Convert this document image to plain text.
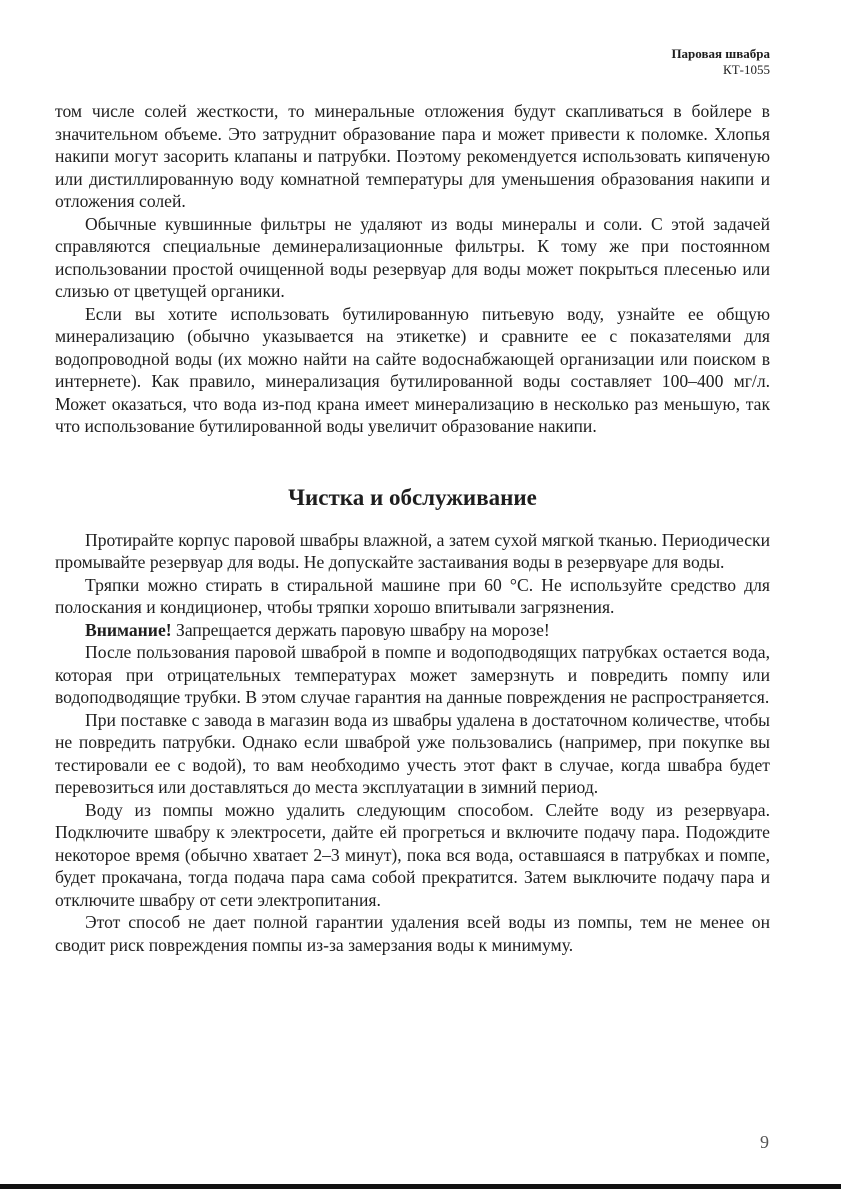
Паровая швабра
КТ-1055

том числе солей жесткости, то минеральные отложения будут скапливаться в бойлере в значительном объеме. Это затруднит образование пара и может привести к поломке. Хлопья накипи могут засорить клапаны и патрубки. Поэтому рекомендуется использовать кипяченую или дистиллированную воду комнатной температуры для уменьшения образования накипи и отложения солей.

Обычные кувшинные фильтры не удаляют из воды минералы и соли. С этой задачей справляются специальные деминерализационные фильтры. К тому же при постоянном использовании простой очищенной воды резервуар для воды может покрыться плесенью или слизью от цветущей органики.

Если вы хотите использовать бутилированную питьевую воду, узнайте ее общую минерализацию (обычно указывается на этикетке) и сравните ее с показателями для водопроводной воды (их можно найти на сайте водоснабжающей организации или поиском в интернете). Как правило, минерализация бутилированной воды составляет 100–400 мг/л. Может оказаться, что вода из-под крана имеет минерализацию в несколько раз меньшую, так что использование бутилированной воды увеличит образование накипи.

Чистка и обслуживание

Протирайте корпус паровой швабры влажной, а затем сухой мягкой тканью. Периодически промывайте резервуар для воды. Не допускайте застаивания воды в резервуаре для воды.

Тряпки можно стирать в стиральной машине при 60 °С. Не используйте средство для полоскания и кондиционер, чтобы тряпки хорошо впитывали загрязнения.

Внимание! Запрещается держать паровую швабру на морозе!

После пользования паровой шваброй в помпе и водоподводящих патрубках остается вода, которая при отрицательных температурах может замерзнуть и повредить помпу или водоподводящие трубки. В этом случае гарантия на данные повреждения не распространяется.

При поставке с завода в магазин вода из швабры удалена в достаточном количестве, чтобы не повредить патрубки. Однако если шваброй уже пользовались (например, при покупке вы тестировали ее с водой), то вам необходимо учесть этот факт в случае, когда швабра будет перевозиться или доставляться до места эксплуатации в зимний период.

Воду из помпы можно удалить следующим способом. Слейте воду из резервуара. Подключите швабру к электросети, дайте ей прогреться и включите подачу пара. Подождите некоторое время (обычно хватает 2–3 минут), пока вся вода, оставшаяся в патрубках и помпе, будет прокачана, тогда подача пара сама собой прекратится. Затем выключите подачу пара и отключите швабру от сети электропитания.

Этот способ не дает полной гарантии удаления всей воды из помпы, тем не менее он сводит риск повреждения помпы из-за замерзания воды к минимуму.

9
